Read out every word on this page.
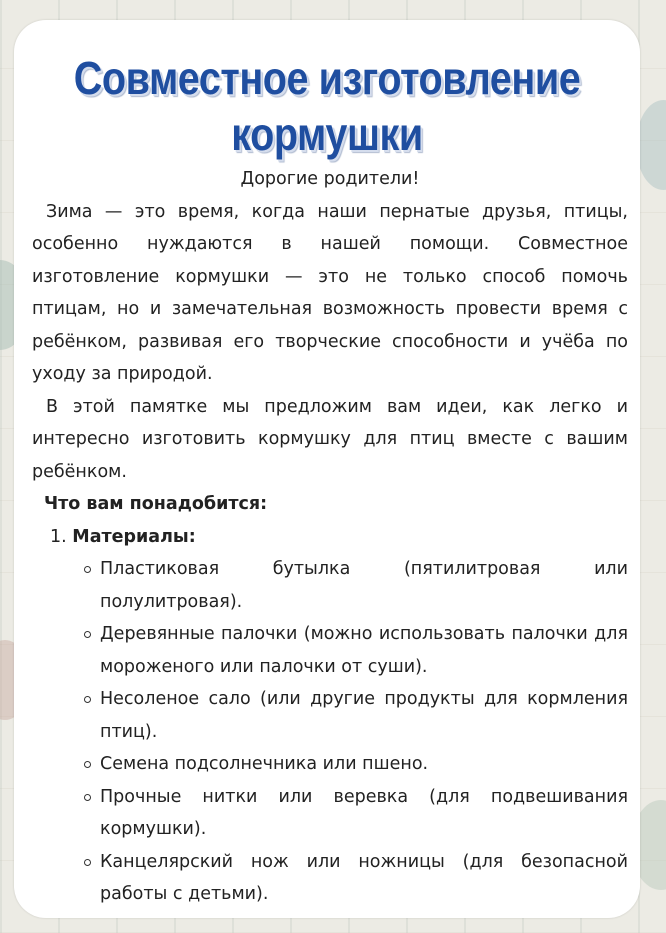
Совместное изготовление
кормушки
Дорогие родители!

Зима — это время, когда наши пернатые друзья, птицы, особенно нуждаются в нашей помощи. Совместное изготовление кормушки — это не только способ помочь птицам, но и замечательная возможность провести время с ребёнком, развивая его творческие способности и учёба по уходу за природой.

В этой памятке мы предложим вам идеи, как легко и интересно изготовить кормушку для птиц вместе с вашим ребёнком.

Что вам понадобится:
1. Материалы:
Пластиковая бутылка (пятилитровая или полулитровая).
Деревянные палочки (можно использовать палочки для мороженого или палочки от суши).
Несоленое сало (или другие продукты для кормления птиц).
Семена подсолнечника или пшено.
Прочные нитки или веревка (для подвешивания кормушки).
Канцелярский нож или ножницы (для безопасной работы с детьми).
